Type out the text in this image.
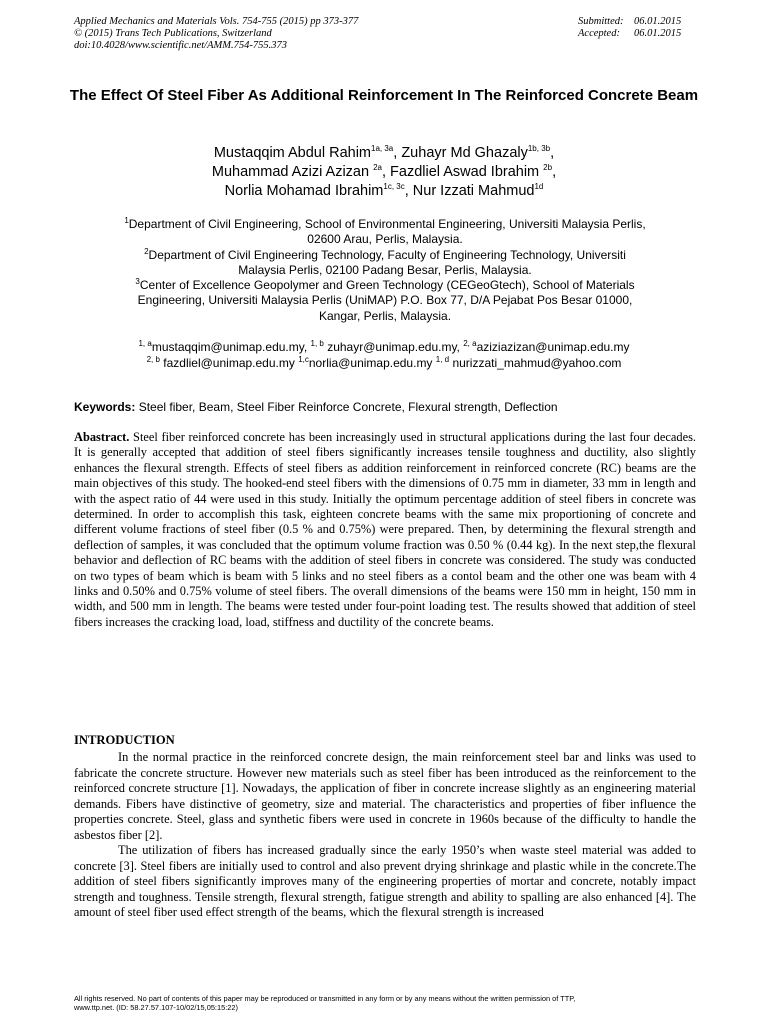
Applied Mechanics and Materials Vols. 754-755 (2015) pp 373-377
© (2015) Trans Tech Publications, Switzerland
doi:10.4028/www.scientific.net/AMM.754-755.373
Submitted: 06.01.2015
Accepted: 06.01.2015
The Effect Of Steel Fiber As Additional Reinforcement In The Reinforced Concrete Beam
Mustaqqim Abdul Rahim$^{1a, 3a}$, Zuhayr Md Ghazaly$^{1b, 3b}$,
Muhammad Azizi Azizan $^{2a}$, Fazdliel Aswad Ibrahim $^{2b}$,
Norlia Mohamad Ibrahim$^{1c, 3c}$, Nur Izzati Mahmud$^{1d}$
$^1$Department of Civil Engineering, School of Environmental Engineering, Universiti Malaysia Perlis,
02600 Arau, Perlis, Malaysia.
$^2$Department of Civil Engineering Technology, Faculty of Engineering Technology, Universiti
Malaysia Perlis, 02100 Padang Besar, Perlis, Malaysia.
$^3$Center of Excellence Geopolymer and Green Technology (CEGeoGtech), School of Materials
Engineering, Universiti Malaysia Perlis (UniMAP) P.O. Box 77, D/A Pejabat Pos Besar 01000,
Kangar, Perlis, Malaysia.
$^{1, a}$mustaqqim@unimap.edu.my, $^{1, b}$ zuhayr@unimap.edu.my, $^{2, a}$aziziazizan@unimap.edu.my
$^{2, b}$ fazdliel@unimap.edu.my $^{1,c}$norlia@unimap.edu.my $^{1, d}$ nurizzati_mahmud@yahoo.com
Keywords: Steel fiber, Beam, Steel Fiber Reinforce Concrete, Flexural strength, Deflection
Abastract. Steel fiber reinforced concrete has been increasingly used in structural applications during the last four decades. It is generally accepted that addition of steel fibers significantly increases tensile toughness and ductility, also slightly enhances the flexural strength. Effects of steel fibers as addition reinforcement in reinforced concrete (RC) beams are the main objectives of this study. The hooked-end steel fibers with the dimensions of 0.75 mm in diameter, 33 mm in length and with the aspect ratio of 44 were used in this study. Initially the optimum percentage addition of steel fibers in concrete was determined. In order to accomplish this task, eighteen concrete beams with the same mix proportioning of concrete and different volume fractions of steel fiber (0.5 % and 0.75%) were prepared. Then, by determining the flexural strength and deflection of samples, it was concluded that the optimum volume fraction was 0.50 % (0.44 kg). In the next step,the flexural behavior and deflection of RC beams with the addition of steel fibers in concrete was considered. The study was conducted on two types of beam which is beam with 5 links and no steel fibers as a contol beam and the other one was beam with 4 links and 0.50% and 0.75% volume of steel fibers. The overall dimensions of the beams were 150 mm in height, 150 mm in width, and 500 mm in length. The beams were tested under four-point loading test. The results showed that addition of steel fibers increases the cracking load, load, stiffness and ductility of the concrete beams.
INTRODUCTION

In the normal practice in the reinforced concrete design, the main reinforcement steel bar and links was used to fabricate the concrete structure. However new materials such as steel fiber has been introduced as the reinforcement to the reinforced concrete structure [1]. Nowadays, the application of fiber in concrete increase slightly as an engineering material demands. Fibers have distinctive of geometry, size and material. The characteristics and properties of fiber influence the properties concrete. Steel, glass and synthetic fibers were used in concrete in 1960s because of the difficulty to handle the asbestos fiber [2].

The utilization of fibers has increased gradually since the early 1950’s when waste steel material was added to concrete [3]. Steel fibers are initially used to control and also prevent drying shrinkage and plastic while in the concrete.The addition of steel fibers significantly improves many of the engineering properties of mortar and concrete, notably impact strength and toughness. Tensile strength, flexural strength, fatigue strength and ability to spalling are also enhanced [4]. The amount of steel fiber used effect strength of the beams, which the flexural strength is increased

All rights reserved. No part of contents of this paper may be reproduced or transmitted in any form or by any means without the written permission of TTP,
www.ttp.net. (ID: 58.27.57.107-10/02/15,05:15:22)
